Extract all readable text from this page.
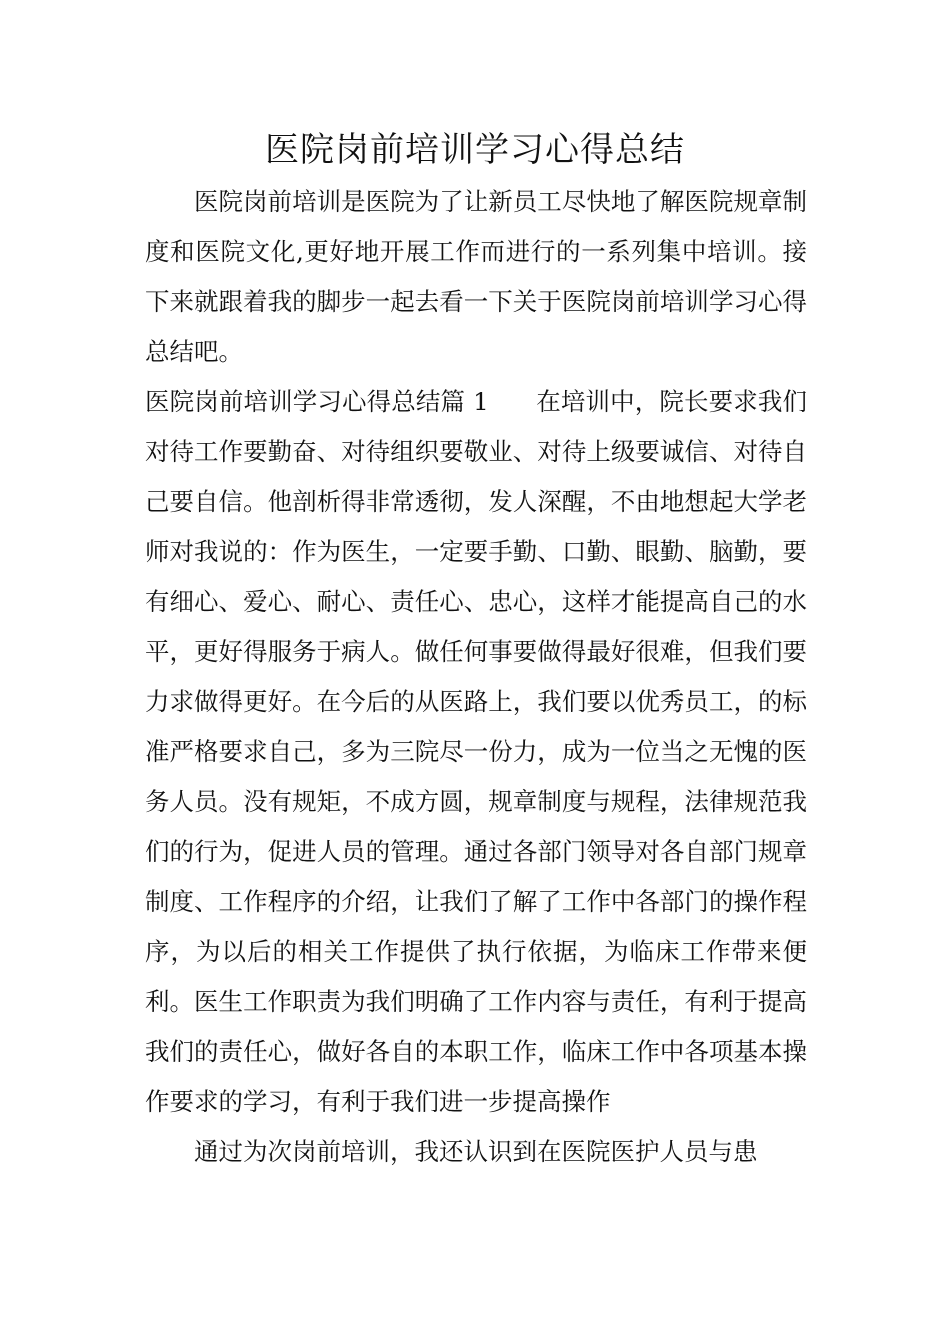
医院岗前培训学习心得总结

医院岗前培训是医院为了让新员工尽快地了解医院规章制度和医院文化,更好地开展工作而进行的一系列集中培训。接下来就跟着我的脚步一起去看一下关于医院岗前培训学习心得总结吧。

医院岗前培训学习心得总结篇 1 在培训中，院长要求我们对待工作要勤奋、对待组织要敬业、对待上级要诚信、对待自己要自信。他剖析得非常透彻，发人深醒，不由地想起大学老师对我说的：作为医生，一定要手勤、口勤、眼勤、脑勤，要有细心、爱心、耐心、责任心、忠心，这样才能提高自己的水平，更好得服务于病人。做任何事要做得最好很难，但我们要力求做得更好。在今后的从医路上，我们要以优秀员工，的标准严格要求自己，多为三院尽一份力，成为一位当之无愧的医务人员。没有规矩，不成方圆，规章制度与规程，法律规范我们的行为，促进人员的管理。通过各部门领导对各自部门规章制度、工作程序的介绍，让我们了解了工作中各部门的操作程序，为以后的相关工作提供了执行依据，为临床工作带来便利。医生工作职责为我们明确了工作内容与责任，有利于提高我们的责任心，做好各自的本职工作，临床工作中各项基本操作要求的学习，有利于我们进一步提高操作

通过为次岗前培训，我还认识到在医院医护人员与患
